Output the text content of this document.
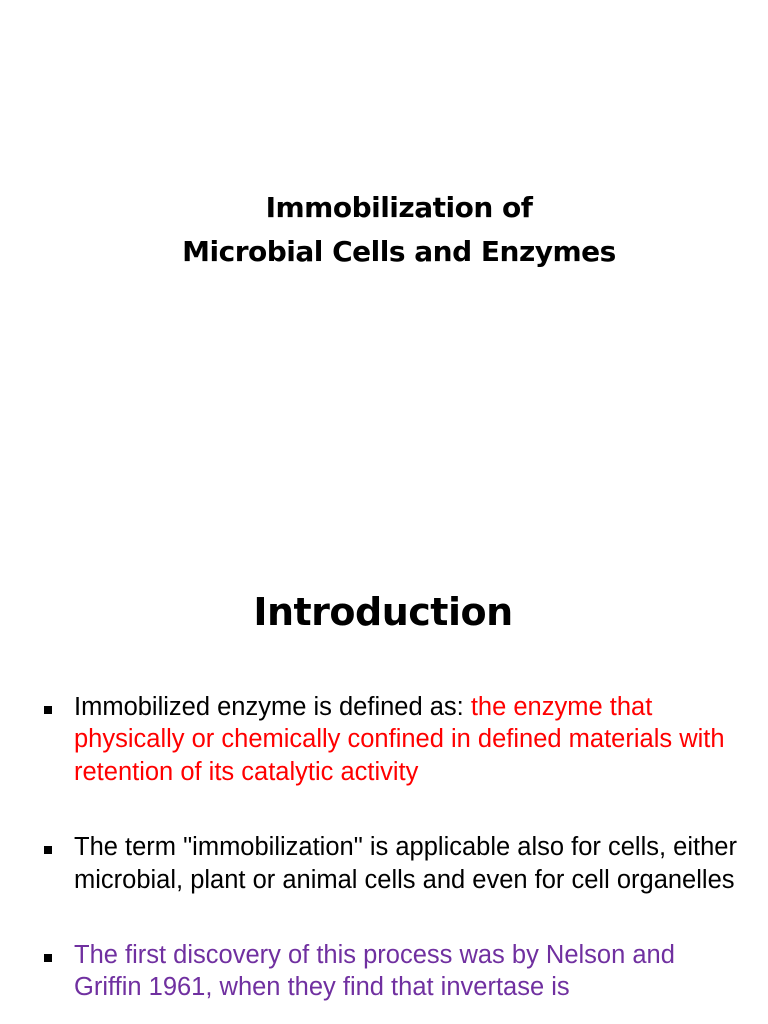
Immobilization of
Microbial Cells and Enzymes
Introduction
Immobilized enzyme is defined as: the enzyme that physically or chemically confined in defined materials with retention of its catalytic activity
The term "immobilization" is applicable also for cells, either microbial, plant or animal cells and even for cell organelles
The first discovery of this process was by Nelson and Griffin 1961, when they find that invertase is
